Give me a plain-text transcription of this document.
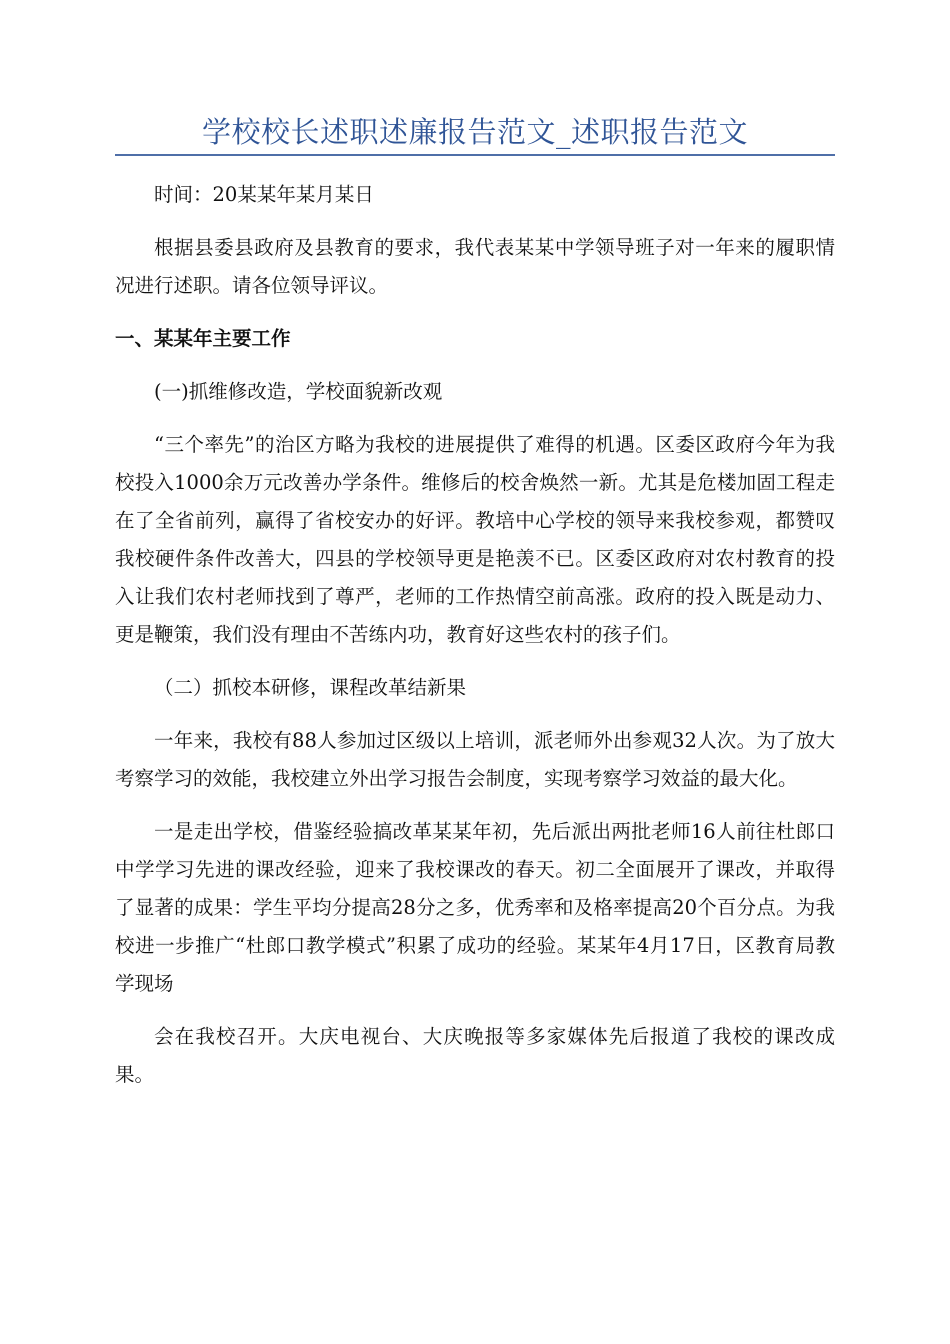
学校校长述职述廉报告范文_述职报告范文

时间：20某某年某月某日

根据县委县政府及县教育的要求，我代表某某中学领导班子对一年来的履职情况进行述职。请各位领导评议。

一、某某年主要工作

(一)抓维修改造，学校面貌新改观

“三个率先”的治区方略为我校的进展提供了难得的机遇。区委区政府今年为我校投入1000余万元改善办学条件。维修后的校舍焕然一新。尤其是危楼加固工程走在了全省前列，赢得了省校安办的好评。教培中心学校的领导来我校参观，都赞叹我校硬件条件改善大，四县的学校领导更是艳羡不已。区委区政府对农村教育的投入让我们农村老师找到了尊严，老师的工作热情空前高涨。政府的投入既是动力、更是鞭策，我们没有理由不苦练内功，教育好这些农村的孩子们。

（二）抓校本研修，课程改革结新果

一年来，我校有88人参加过区级以上培训，派老师外出参观32人次。为了放大考察学习的效能，我校建立外出学习报告会制度，实现考察学习效益的最大化。

一是走出学校，借鉴经验搞改革某某年初，先后派出两批老师16人前往杜郎口中学学习先进的课改经验，迎来了我校课改的春天。初二全面展开了课改，并取得了显著的成果：学生平均分提高28分之多，优秀率和及格率提高20个百分点。为我校进一步推广“杜郎口教学模式”积累了成功的经验。某某年4月17日，区教育局教学现场

会在我校召开。大庆电视台、大庆晚报等多家媒体先后报道了我校的课改成果。
